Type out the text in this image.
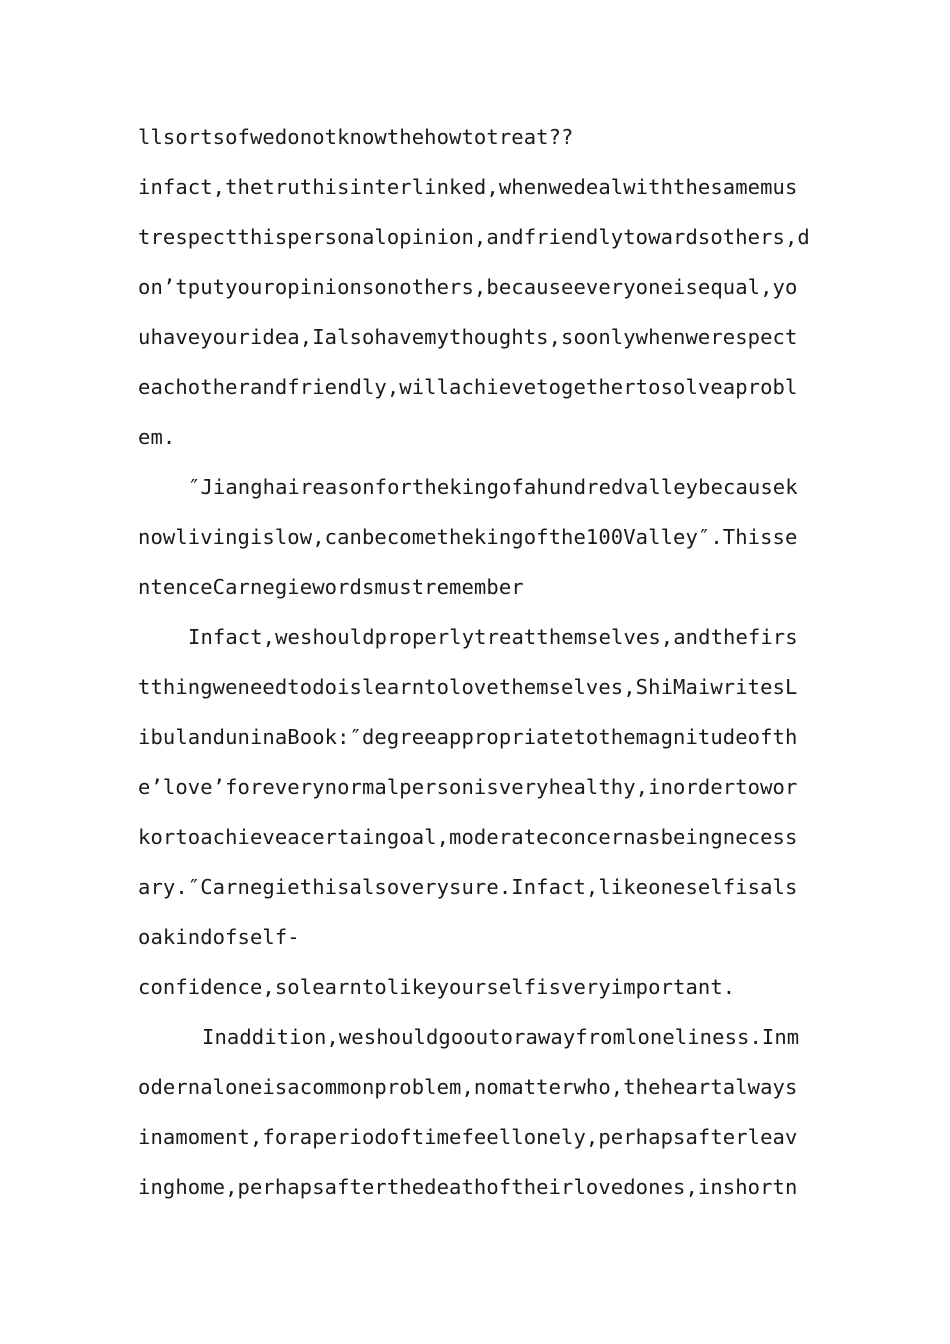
llsortsofwedonotknowthehowtotreat??
infact,thetruthisinterlinked,whenwedealwiththesamemus
trespectthispersonalopinion,andfriendlytowardsothers,d
on’tputyouropinionsonothers,becauseeveryoneisequal,yo
uhaveyouridea,Ialsohavemythoughts,soonlywhenwerespect
eachotherandfriendly,willachievetogethertosolveaprobl
em.
″Jianghaireasonforthekingofahundredvalleybecausek
nowlivingislow,canbecomethekingofthe100Valley″.Thisse
ntenceCarnegiewordsmustremember
Infact,weshouldproperlytreatthemselves,andthefirs
tthingweneedtodoislearntolovethemselves,ShiMaiwritesL
ibulanduninaBook:″degreeappropriatetothemagnitudeofth
e’love’foreverynormalpersonisveryhealthy,inordertowor
kortoachieveacertaingoal,moderateconcernasbeingnecess
ary.″Carnegiethisalsoverysure.Infact,likeoneselfisals
oakindofself-
confidence,solearntolikeyourselfisveryimportant.
Inaddition,weshouldgooutorawayfromloneliness.Inm
odernaloneisacommonproblem,nomatterwho,theheartalways
inamoment,foraperiodoftimefeellonely,perhapsafterleav
inghome,perhapsafterthedeathoftheirlovedones,inshortn
